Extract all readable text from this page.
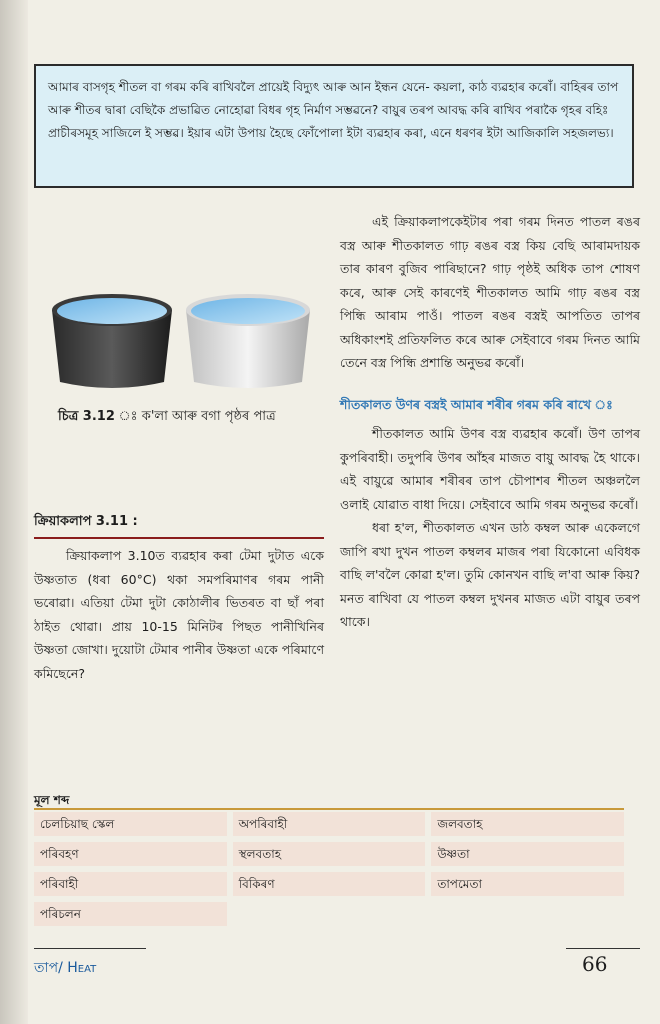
আমাৰ বাসগৃহ শীতল বা গৰম কৰি ৰাখিবলৈ প্ৰায়েই বিদ্যুৎ আৰু আন ইন্ধন যেনে- কয়লা, কাঠ ব্যৱহাৰ কৰোঁ। বাহিৰৰ তাপ আৰু শীতৰ দ্বাৰা বেছিকৈ প্ৰভাৱিত নোহোৱা বিধৰ গৃহ নিৰ্মাণ সম্ভৱনে? বায়ুৰ তৰপ আবদ্ধ কৰি ৰাখিব পৰাকৈ গৃহৰ বহিঃ প্ৰাচীৰসমূহ সাজিলে ই সম্ভৱ। ইয়াৰ এটা উপায় হৈছে ফোঁপোলা ইটা ব্যৱহাৰ কৰা, এনে ধৰণৰ ইটা আজিকালি সহজলভ্য।

চিত্ৰ 3.12 ঃ ক'লা আৰু বগা পৃষ্ঠৰ পাত্ৰ

এই ক্ৰিয়াকলাপকেইটাৰ পৰা গৰম দিনত পাতল ৰঙৰ বস্ত্ৰ আৰু শীতকালত গাঢ় ৰঙৰ বস্ত্ৰ কিয় বেছি আৰামদায়ক তাৰ কাৰণ বুজিব পাৰিছানে? গাঢ় পৃষ্ঠই অধিক তাপ শোষণ কৰে, আৰু সেই কাৰণেই শীতকালত আমি গাঢ় ৰঙৰ বস্ত্ৰ পিন্ধি আৰাম পাওঁ। পাতল ৰঙৰ বস্ত্ৰই আপতিত তাপৰ অধিকাংশই প্ৰতিফলিত কৰে আৰু সেইবাবে গৰম দিনত আমি তেনে বস্ত্ৰ পিন্ধি প্ৰশান্তি অনুভৱ কৰোঁ।

শীতকালত উণৰ বস্ত্ৰই আমাৰ শৰীৰ গৰম কৰি ৰাখে ঃ

শীতকালত আমি উণৰ বস্ত্ৰ ব্যৱহাৰ কৰোঁ। উণ তাপৰ কুপৰিবাহী। তদুপৰি উণৰ আঁহৰ মাজত বায়ু আবদ্ধ হৈ থাকে। এই বায়ুৱে আমাৰ শৰীৰৰ তাপ চৌপাশৰ শীতল অঞ্চললৈ ওলাই যোৱাত বাধা দিয়ে। সেইবাবে আমি গৰম অনুভৱ কৰোঁ।

ধৰা হ'ল, শীতকালত এখন ডাঠ কম্বল আৰু একেলগে জাপি ৰখা দুখন পাতল কম্বলৰ মাজৰ পৰা যিকোনো এবিধক বাছি ল'বলৈ কোৱা হ'ল। তুমি কোনখন বাছি ল'বা আৰু কিয়? মনত ৰাখিবা যে পাতল কম্বল দুখনৰ মাজত এটা বায়ুৰ তৰপ থাকে।

ক্ৰিয়াকলাপ 3.11 :

ক্ৰিয়াকলাপ 3.10ত ব্যৱহাৰ কৰা টেমা দুটাত একে উষ্ণতাত (ধৰা 60°C) থকা সমপৰিমাণৰ গৰম পানী ভৰোৱা। এতিয়া টেমা দুটা কোঠালীৰ ভিতৰত বা ছাঁ পৰা ঠাইত থোৱা। প্ৰায় 10-15 মিনিটৰ পিছত পানীখিনিৰ উষ্ণতা জোখা। দুয়োটা টেমাৰ পানীৰ উষ্ণতা একে পৰিমাণে কমিছেনে?

মূল শব্দ
চেলচিয়াছ স্কেল	অপৰিবাহী	জলবতাহ
পৰিবহণ	স্থলবতাহ	উষ্ণতা
পৰিবাহী	বিকিৰণ	তাপমেতা
পৰিচলন
তাপ/ Heat	66
